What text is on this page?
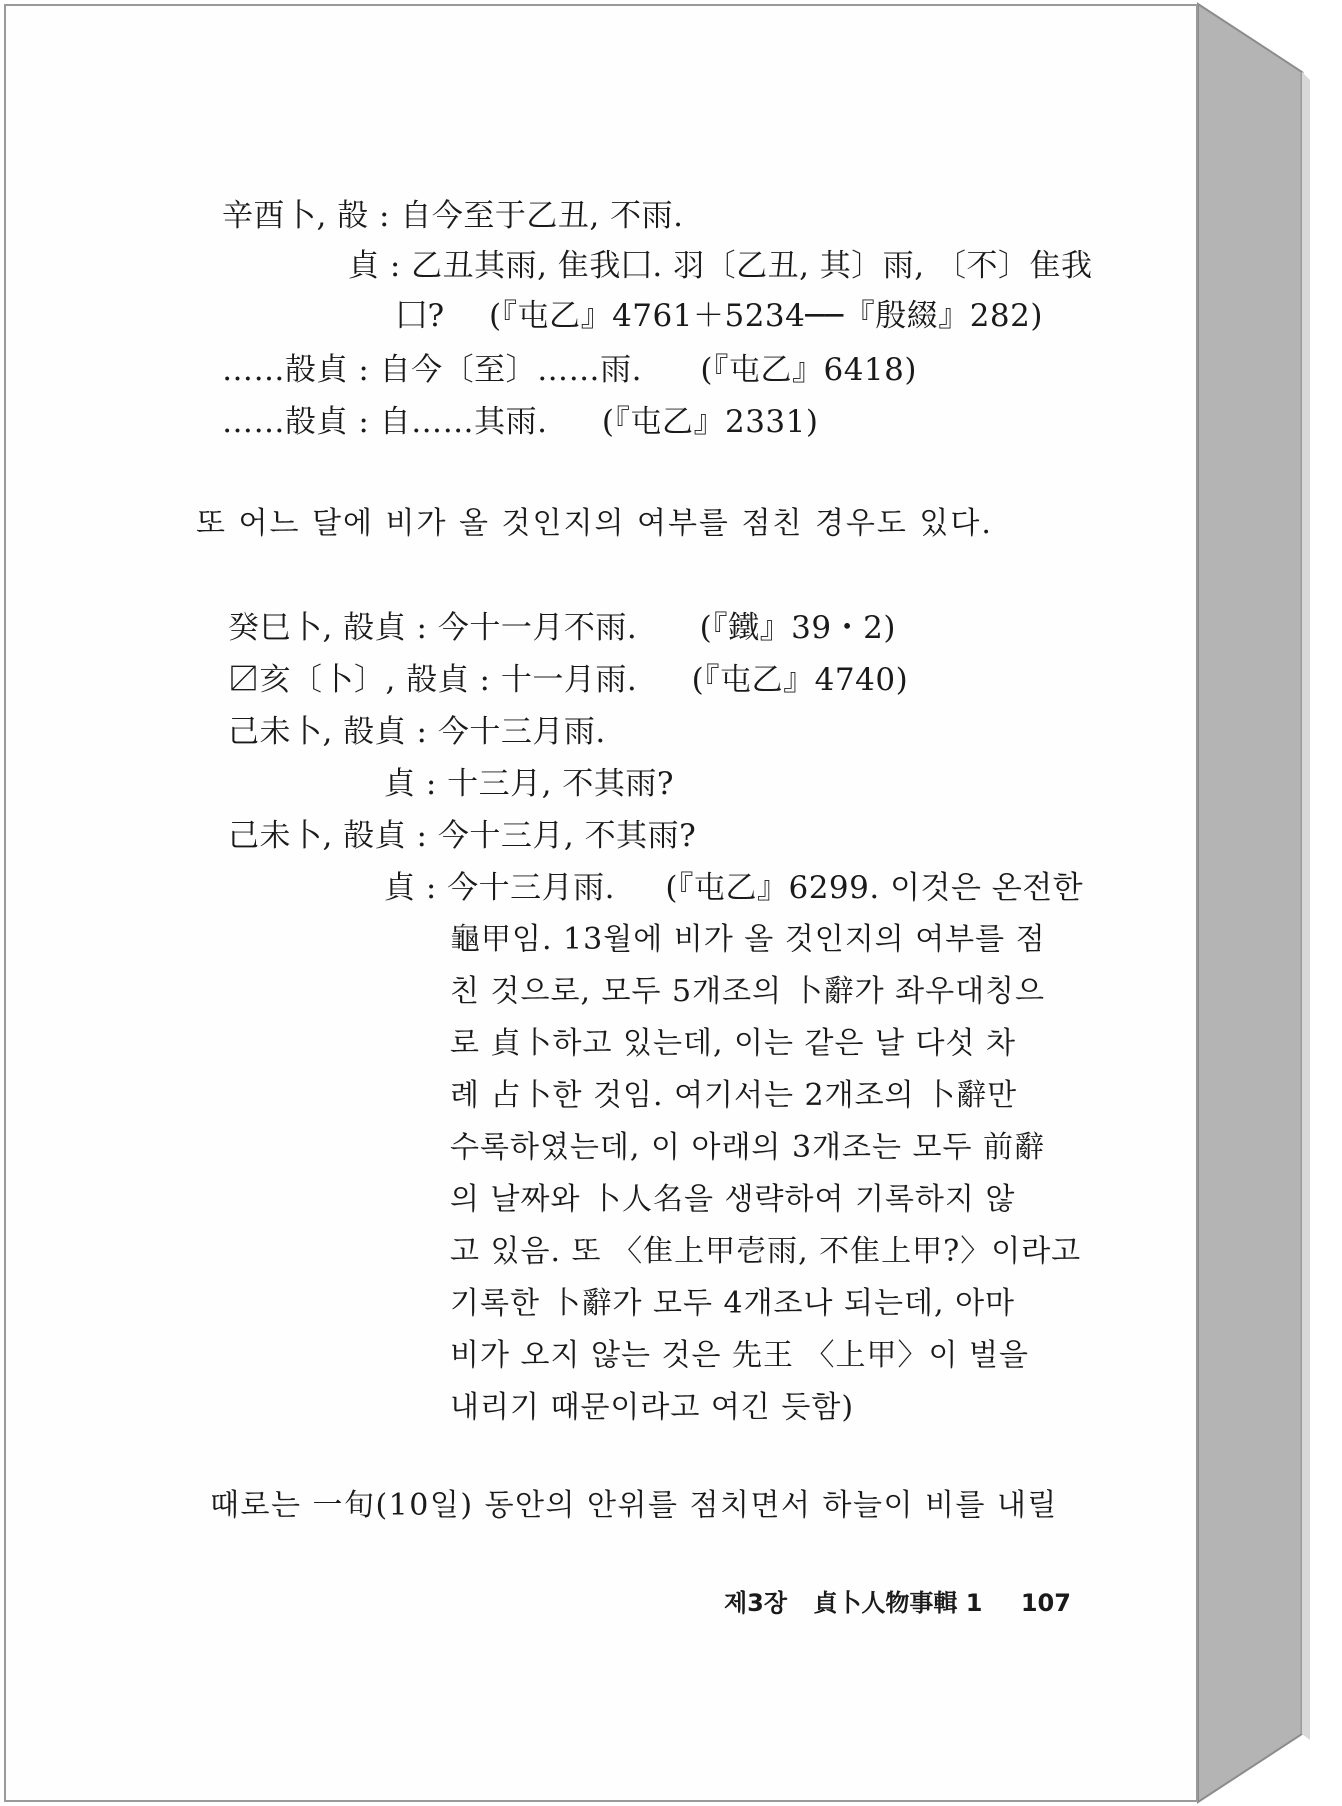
辛酉卜, 㱿 : 自今至于乙丑, 不雨.
貞 : 乙丑其雨, 隹我囗. 羽〔乙丑, 其〕雨, 〔不〕隹我
囗? (『屯乙』4761＋5234──『殷綴』282)
……㱿貞 : 自今〔至〕……雨. (『屯乙』6418)
……㱿貞 : 自……其雨. (『屯乙』2331)
또 어느 달에 비가 올 것인지의 여부를 점친 경우도 있다.
癸巳卜, 㱿貞 : 今十一月不雨. (『鐵』39・2)
〼亥〔卜〕, 㱿貞 : 十一月雨. (『屯乙』4740)
己未卜, 㱿貞 : 今十三月雨.
貞 : 十三月, 不其雨?
己未卜, 㱿貞 : 今十三月, 不其雨?
貞 : 今十三月雨. (『屯乙』6299. 이것은 온전한
龜甲임. 13월에 비가 올 것인지의 여부를 점
친 것으로, 모두 5개조의 卜辭가 좌우대칭으
로 貞卜하고 있는데, 이는 같은 날 다섯 차
례 占卜한 것임. 여기서는 2개조의 卜辭만
수록하였는데, 이 아래의 3개조는 모두 前辭
의 날짜와 卜人名을 생략하여 기록하지 않
고 있음. 또 〈隹上甲壱雨, 不隹上甲?〉이라고
기록한 卜辭가 모두 4개조나 되는데, 아마
비가 오지 않는 것은 先王 〈上甲〉이 벌을
내리기 때문이라고 여긴 듯함)
때로는 一旬(10일) 동안의 안위를 점치면서 하늘이 비를 내릴
제3장 貞卜人物事輯 1 107
